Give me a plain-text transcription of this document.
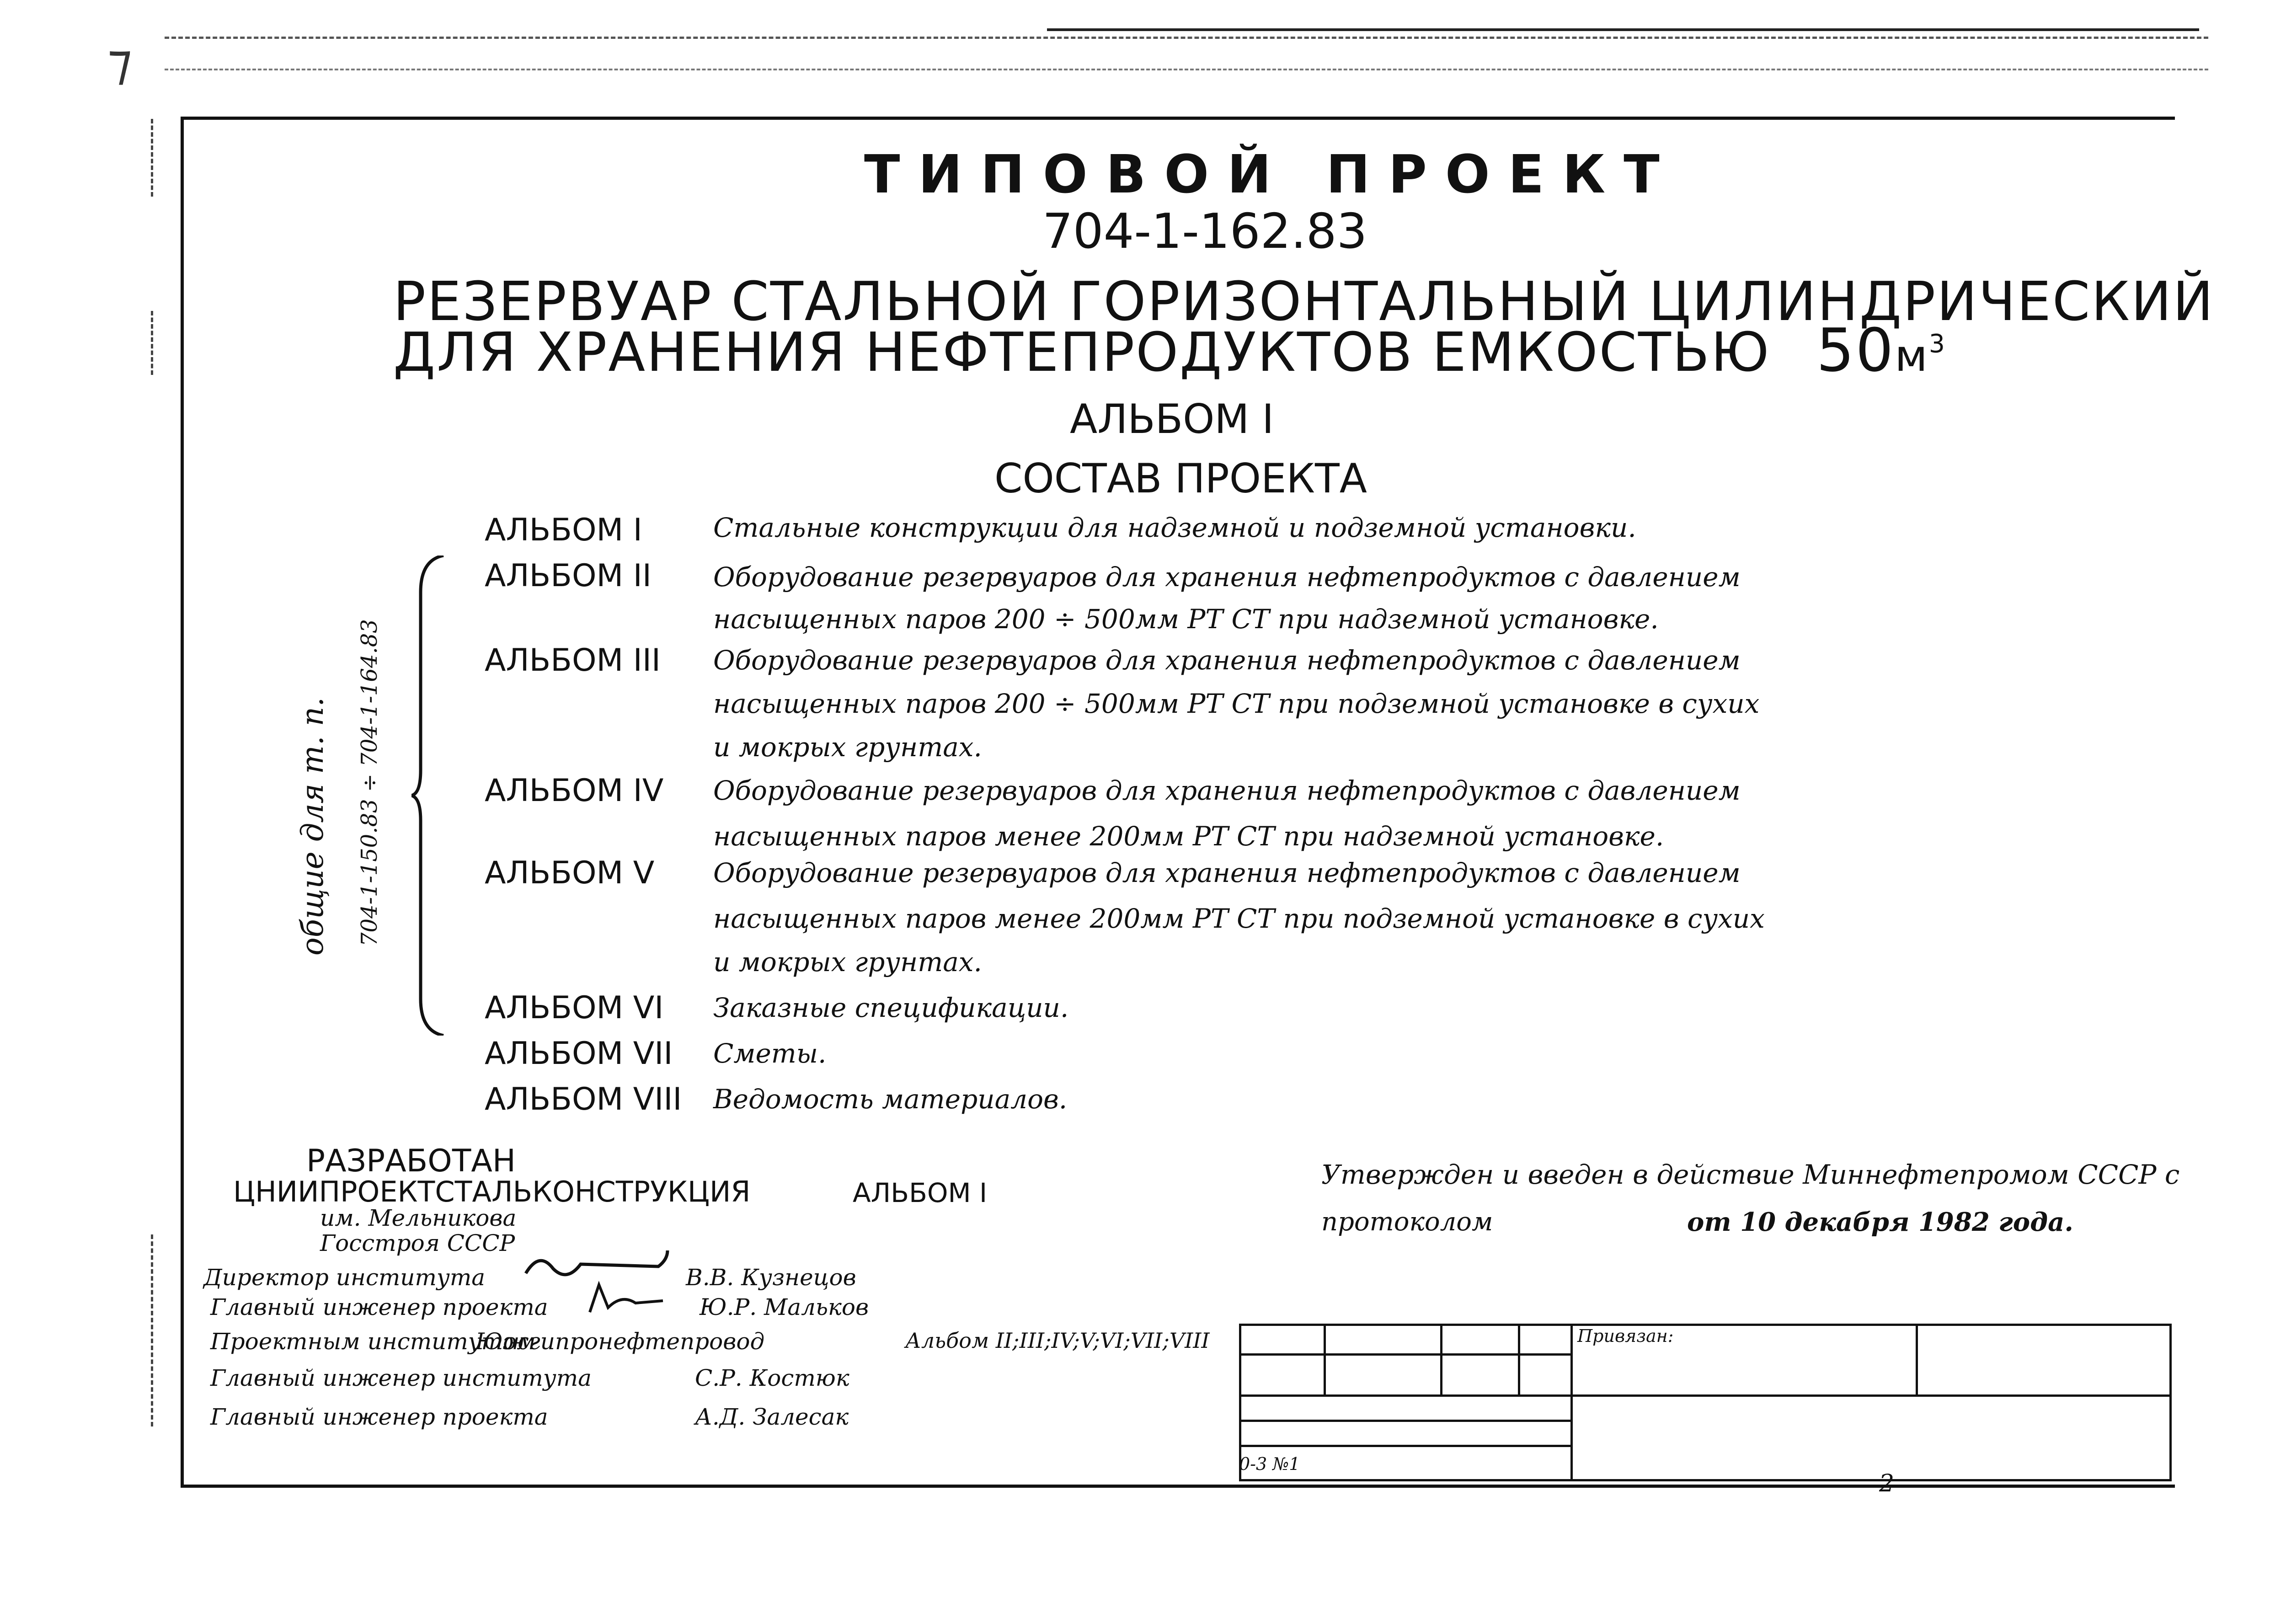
⁊
ТИПОВОЙ ПРОЕКТ
704-1-162.83
РЕЗЕРВУАР СТАЛЬНОЙ ГОРИЗОНТАЛЬНЫЙ ЦИЛИНДРИЧЕСКИЙ
ДЛЯ ХРАНЕНИЯ НЕФТЕПРОДУКТОВ ЕМКОСТЬЮ $50м^3$
АЛЬБОМ I
СОСТАВ ПРОЕКТА
АЛЬБОМ I	Стальные конструкции для надземной и подземной установки.
АЛЬБОМ II Оборудование резервуаров для хранения нефтепродуктов с давлением
насыщенных паров 200 ÷ 500мм РТ СТ при надземной установке.
АЛЬБОМ III Оборудование резервуаров для хранения нефтепродуктов с давлением
насыщенных паров 200 ÷ 500мм РТ СТ при подземной установке в сухих
и мокрых грунтах.
АЛЬБОМ IV Оборудование резервуаров для хранения нефтепродуктов с давлением
насыщенных паров менее 200мм РТ СТ при надземной установке.
АЛЬБОМ V Оборудование резервуаров для хранения нефтепродуктов с давлением
насыщенных паров менее 200мм РТ СТ при подземной установке в сухих
и мокрых грунтах.
АЛЬБОМ VI Заказные спецификации.
АЛЬБОМ VII Сметы.
АЛЬБОМ VIII Ведомость материалов.
общие для т. п. 704-1-150.83 ÷ 704-1-164.83
РАЗРАБОТАН
ЦНИИПРОЕКТСТАЛЬКОНСТРУКЦИЯ	АЛЬБОМ I
им. Мельникова
Госстроя СССР
Утвержден и введен в действие Миннефтепромом СССР с
протоколом	от 10 декабря 1982 года.
Директор института	В.В. Кузнецов
Главный инженер проекта	Ю.Р. Мальков
Проектным институтом
Южгипронефтепровод	Альбом II;III;IV;V;VI;VII;VIII
Главный инженер института	С.Р. Костюк
Главный инженер проекта	А.Д. Залесак
				Привязан:	

0-3 №1
2
